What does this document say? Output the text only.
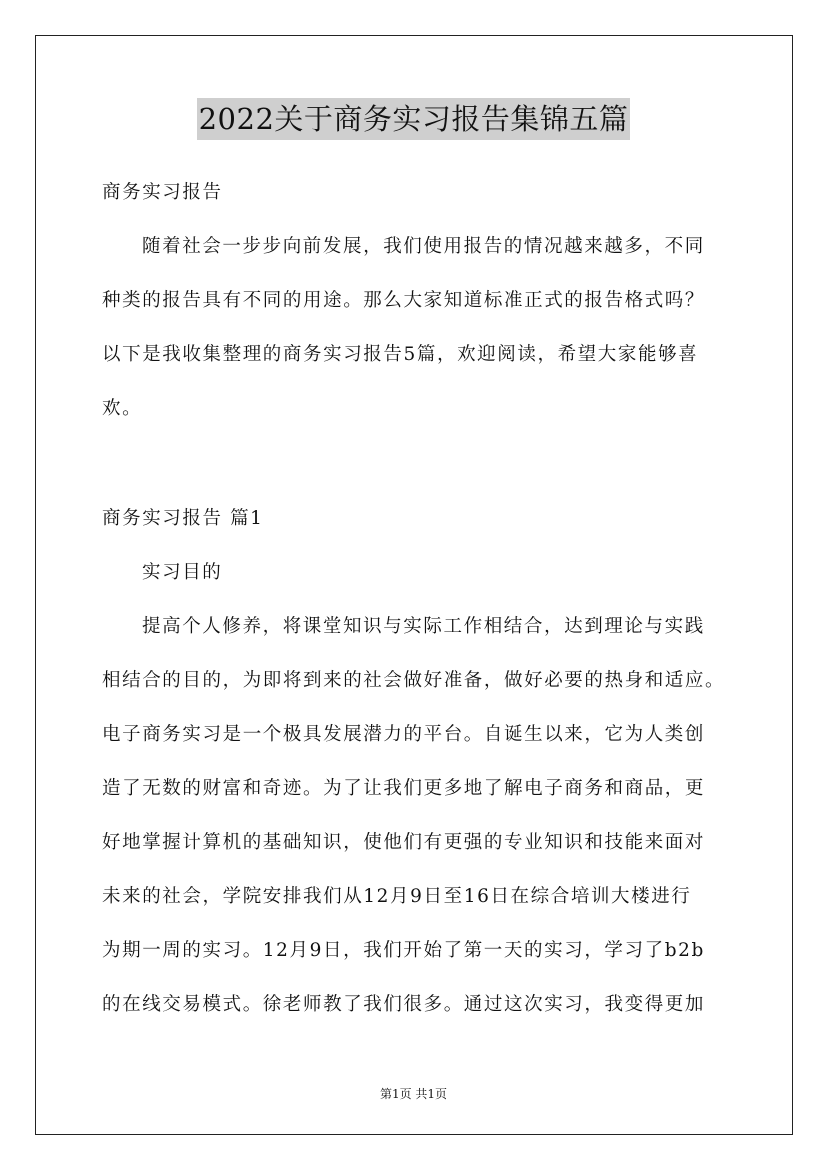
2022关于商务实习报告集锦五篇
商务实习报告
随着社会一步步向前发展，我们使用报告的情况越来越多，不同
种类的报告具有不同的用途。那么大家知道标准正式的报告格式吗？
以下是我收集整理的商务实习报告5篇，欢迎阅读，希望大家能够喜
欢。
商务实习报告 篇1
实习目的
提高个人修养，将课堂知识与实际工作相结合，达到理论与实践
相结合的目的，为即将到来的社会做好准备，做好必要的热身和适应。
电子商务实习是一个极具发展潜力的平台。自诞生以来，它为人类创
造了无数的财富和奇迹。为了让我们更多地了解电子商务和商品，更
好地掌握计算机的基础知识，使他们有更强的专业知识和技能来面对
未来的社会，学院安排我们从12月9日至16日在综合培训大楼进行
为期一周的实习。12月9日，我们开始了第一天的实习，学习了b2b
的在线交易模式。徐老师教了我们很多。通过这次实习，我变得更加
第1页 共1页
